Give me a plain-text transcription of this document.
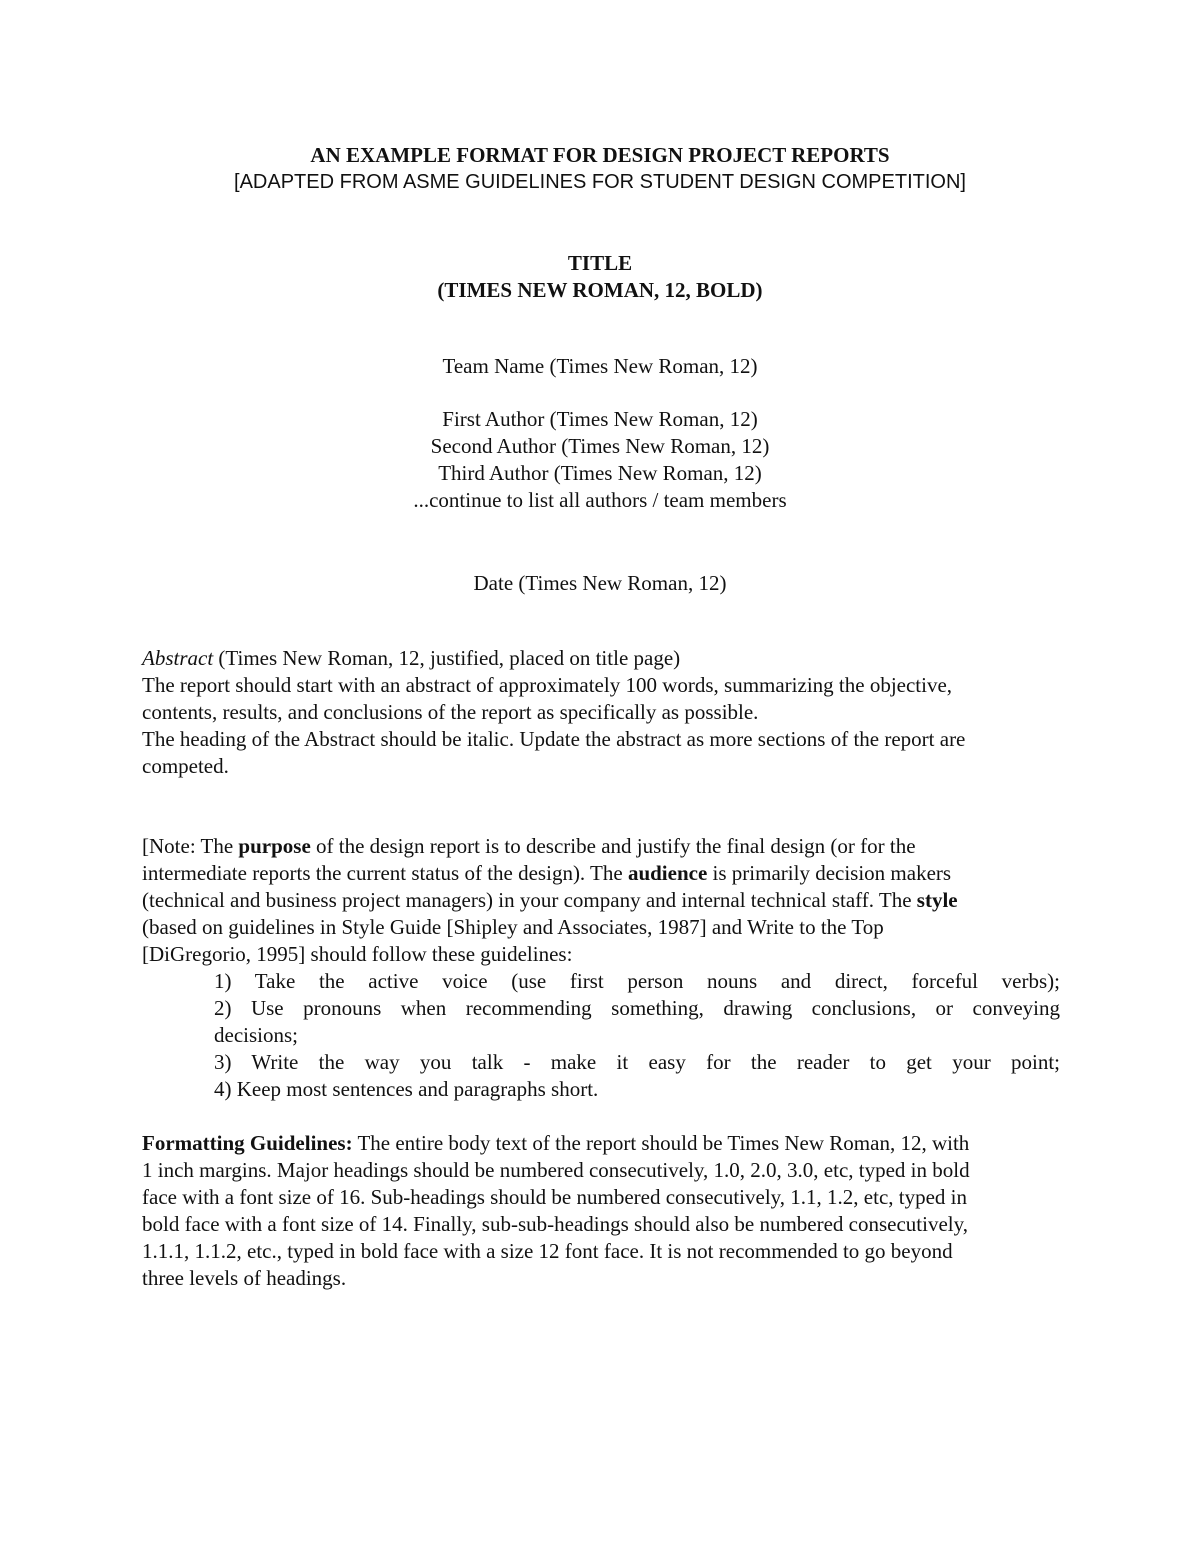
AN EXAMPLE FORMAT FOR DESIGN PROJECT REPORTS
[ADAPTED FROM ASME GUIDELINES FOR STUDENT DESIGN COMPETITION]
TITLE
(TIMES NEW ROMAN, 12, BOLD)
Team Name (Times New Roman, 12)
First Author (Times New Roman, 12)
Second Author (Times New Roman, 12)
Third Author (Times New Roman, 12)
...continue to list all authors / team members
Date (Times New Roman, 12)
Abstract (Times New Roman, 12, justified, placed on title page)
The report should start with an abstract of approximately 100 words, summarizing the objective,
contents, results, and conclusions of the report as specifically as possible.
The heading of the Abstract should be italic. Update the abstract as more sections of the report are
competed.
[Note: The purpose of the design report is to describe and justify the final design (or for the
intermediate reports the current status of the design). The audience is primarily decision makers
(technical and business project managers) in your company and internal technical staff. The style
(based on guidelines in Style Guide [Shipley and Associates, 1987] and Write to the Top
[DiGregorio, 1995] should follow these guidelines:
1) Take the active voice (use first person nouns and direct, forceful verbs);
2) Use pronouns when recommending something, drawing conclusions, or conveying
decisions;
3) Write the way you talk - make it easy for the reader to get your point;
4) Keep most sentences and paragraphs short.
Formatting Guidelines: The entire body text of the report should be Times New Roman, 12, with
1 inch margins. Major headings should be numbered consecutively, 1.0, 2.0, 3.0, etc, typed in bold
face with a font size of 16. Sub-headings should be numbered consecutively, 1.1, 1.2, etc, typed in
bold face with a font size of 14. Finally, sub-sub-headings should also be numbered consecutively,
1.1.1, 1.1.2, etc., typed in bold face with a size 12 font face. It is not recommended to go beyond
three levels of headings.
